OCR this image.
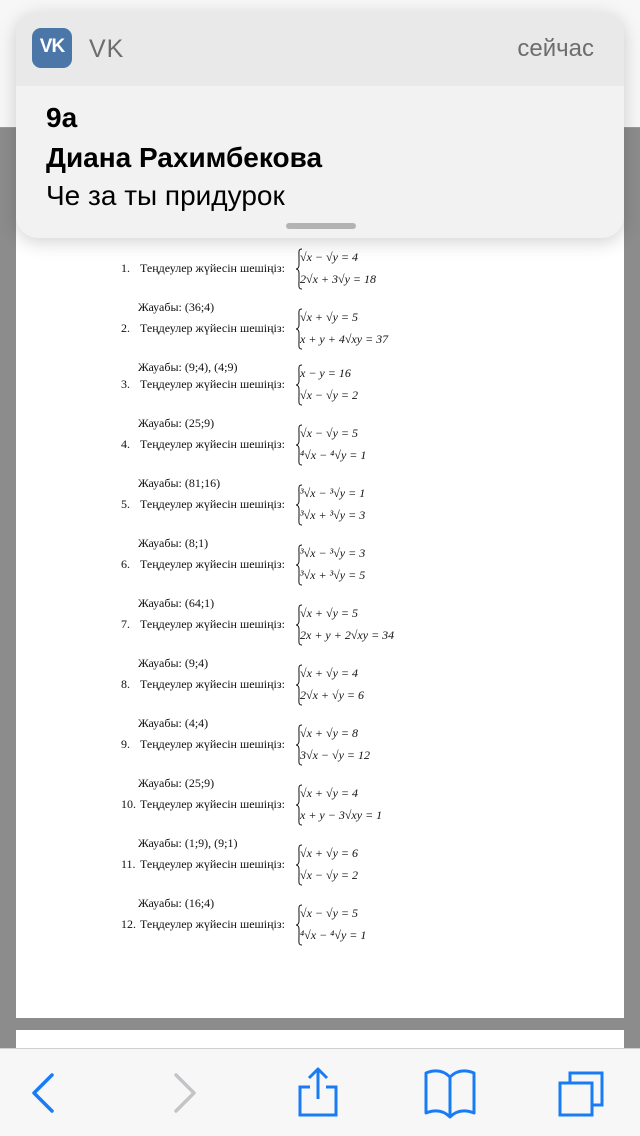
1. Теңдеулер жүйесін шешіңіз:
√x − √y = 4
2√x + 3√y = 18
Жауабы: (36;4)
2. Теңдеулер жүйесін шешіңіз:
√x + √y = 5
x + y + 4√xy = 37
Жауабы: (9;4), (4;9)
3. Теңдеулер жүйесін шешіңіз:
x − y = 16
√x − √y = 2
Жауабы: (25;9)
4. Теңдеулер жүйесін шешіңіз:
√x − √y = 5
⁴√x − ⁴√y = 1
Жауабы: (81;16)
5. Теңдеулер жүйесін шешіңіз:
³√x − ³√y = 1
³√x + ³√y = 3
Жауабы: (8;1)
6. Теңдеулер жүйесін шешіңіз:
³√x − ³√y = 3
³√x + ³√y = 5
Жауабы: (64;1)
7. Теңдеулер жүйесін шешіңіз:
√x + √y = 5
2x + y + 2√xy = 34
Жауабы: (9;4)
8. Теңдеулер жүйесін шешіңіз:
√x + √y = 4
2√x + √y = 6
Жауабы: (4;4)
9. Теңдеулер жүйесін шешіңіз:
√x + √y = 8
3√x − √y = 12
Жауабы: (25;9)
10. Теңдеулер жүйесін шешіңіз:
√x + √y = 4
x + y − 3√xy = 1
Жауабы: (1;9), (9;1)
11. Теңдеулер жүйесін шешіңіз:
√x + √y = 6
√x − √y = 2
Жауабы: (16;4)
12. Теңдеулер жүйесін шешіңіз:
√x − √y = 5
⁴√x − ⁴√y = 1
VK VK	сейчас
9а
Диана Рахимбекова
Че за ты придурок
